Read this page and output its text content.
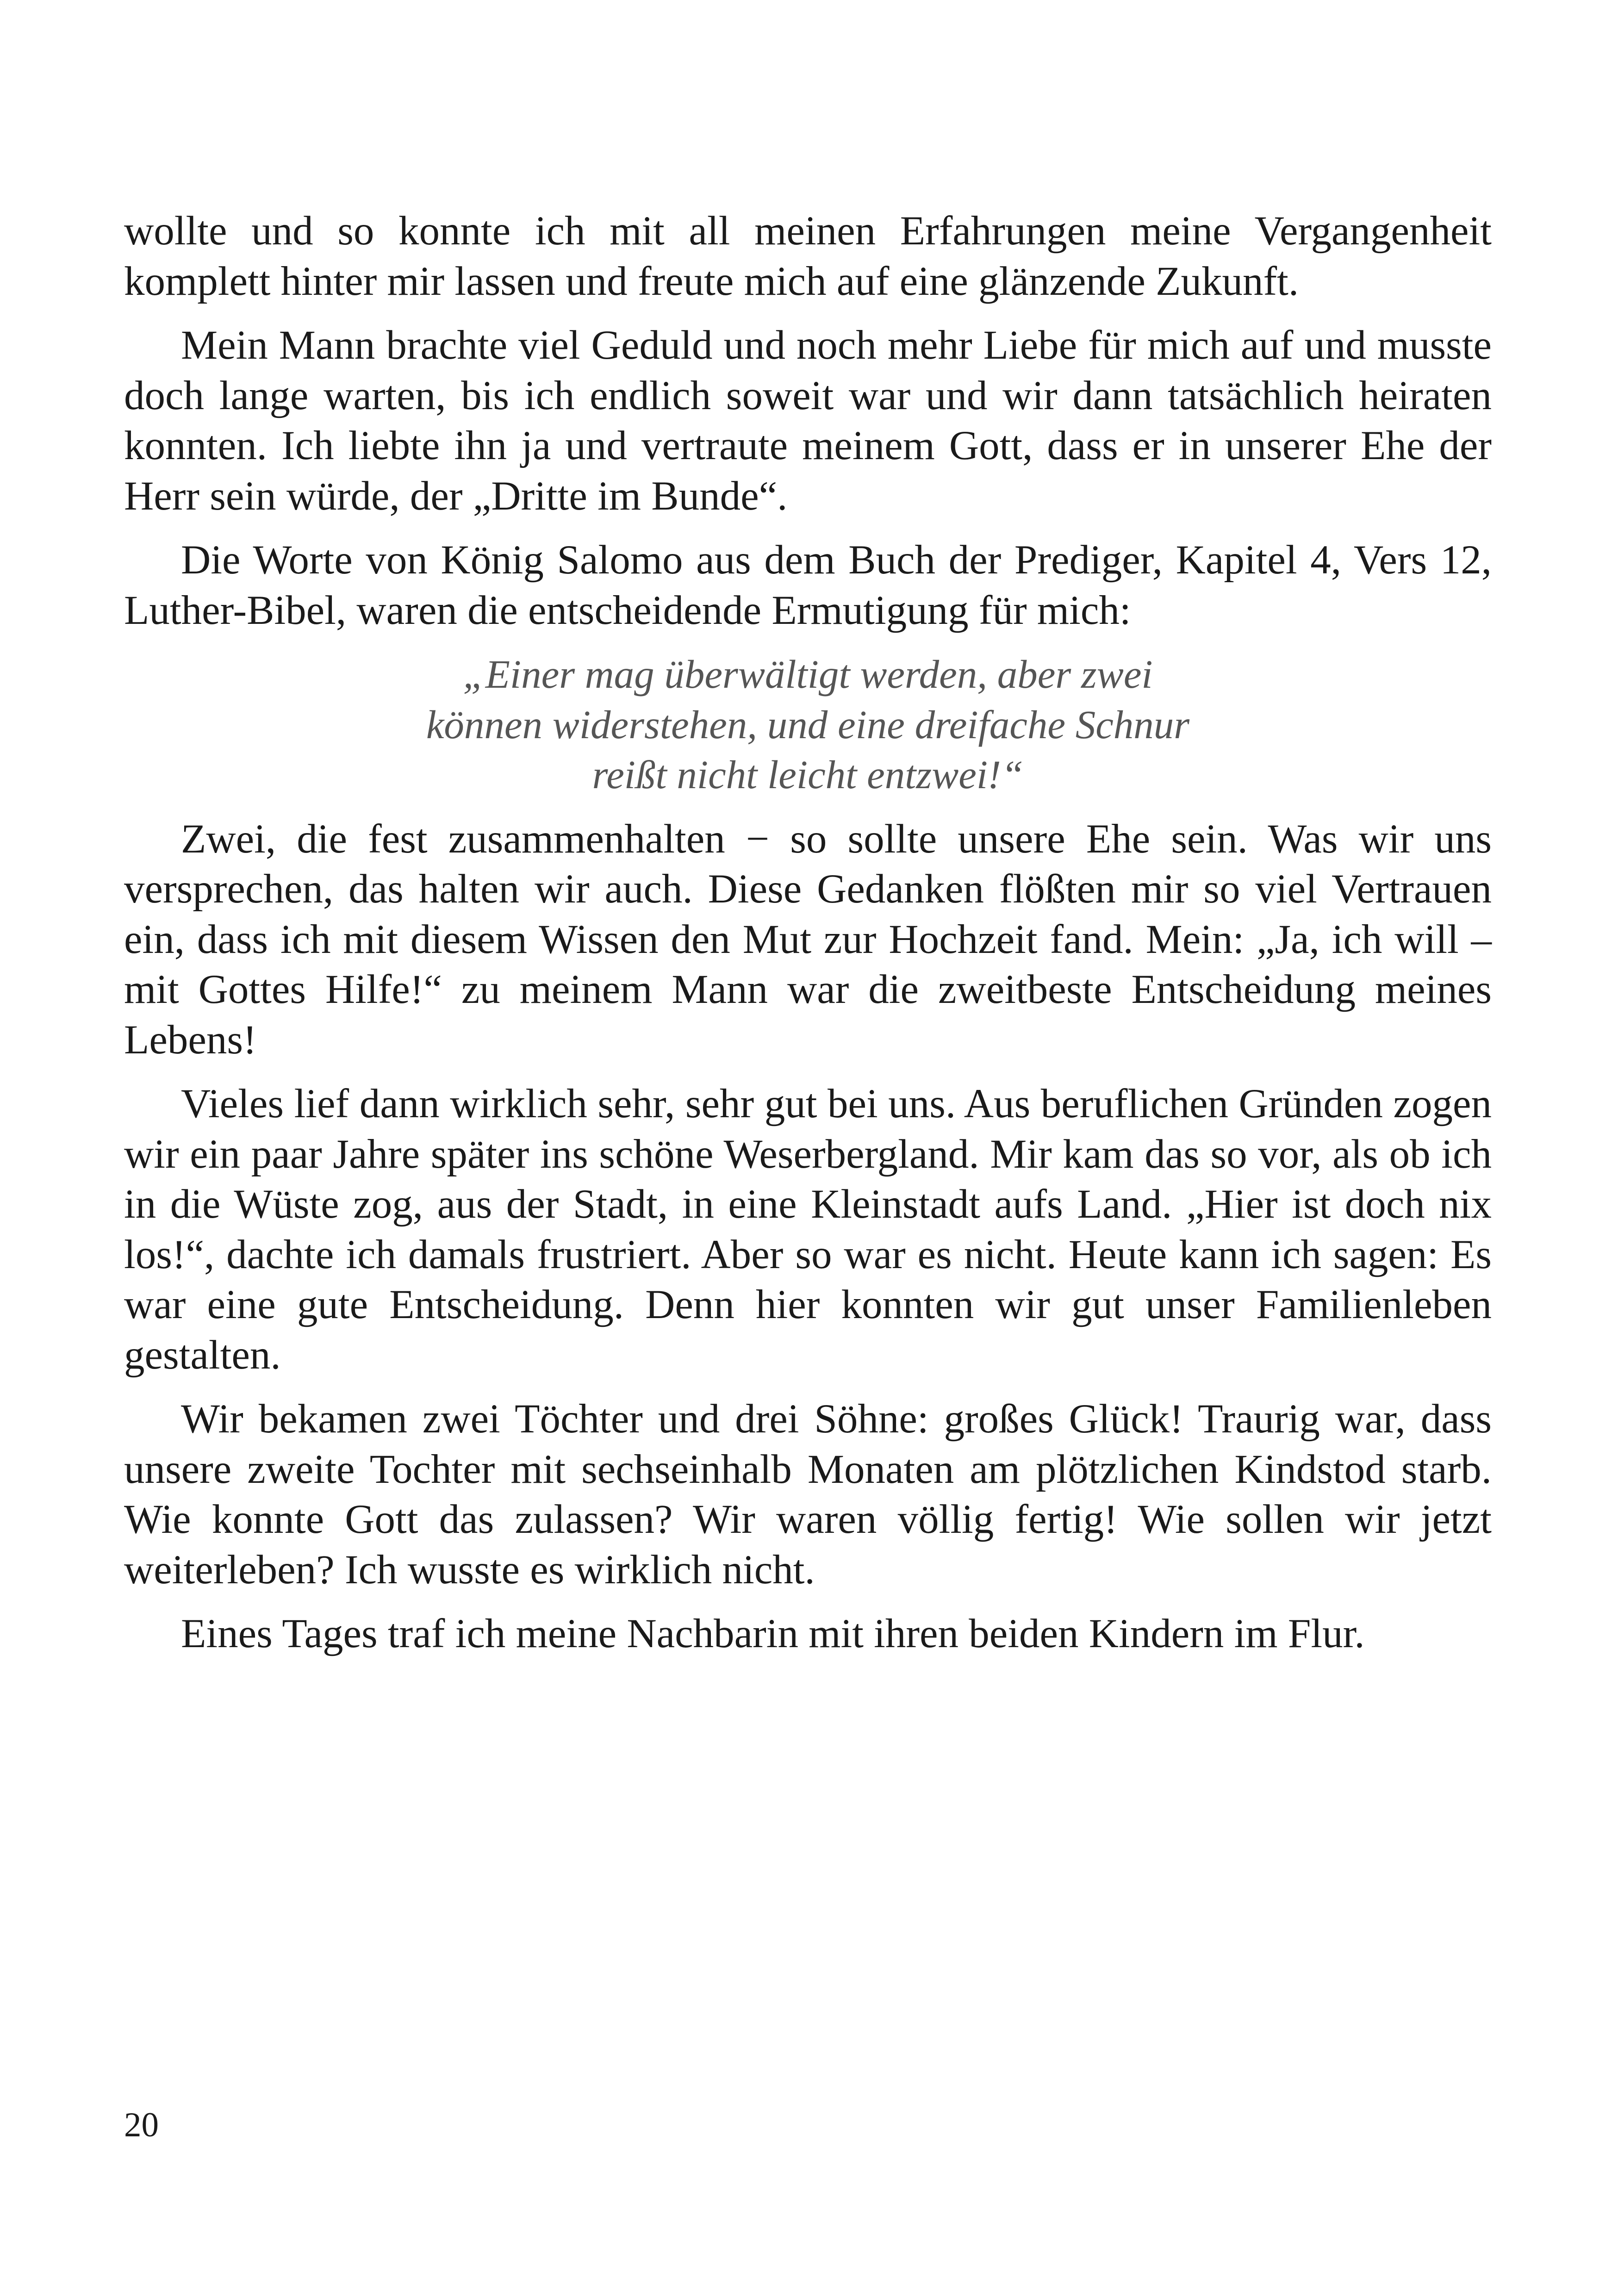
wollte und so konnte ich mit all meinen Erfahrungen meine Vergangenheit komplett hinter mir lassen und freute mich auf eine glänzende Zukunft.

Mein Mann brachte viel Geduld und noch mehr Liebe für mich auf und musste doch lange warten, bis ich endlich soweit war und wir dann tatsächlich heiraten konnten. Ich liebte ihn ja und vertraute meinem Gott, dass er in unserer Ehe der Herr sein würde, der „Dritte im Bunde“.

Die Worte von König Salomo aus dem Buch der Prediger, Kapitel 4, Vers 12, Luther-Bibel, waren die entscheidende Ermutigung für mich:

„Einer mag überwältigt werden, aber zwei
können widerstehen, und eine dreifache Schnur
reißt nicht leicht entzwei!“

Zwei, die fest zusammenhalten − so sollte unsere Ehe sein. Was wir uns versprechen, das halten wir auch. Diese Gedanken flößten mir so viel Vertrauen ein, dass ich mit diesem Wissen den Mut zur Hochzeit fand. Mein: „Ja, ich will – mit Gottes Hilfe!“ zu meinem Mann war die zweitbeste Entscheidung meines Lebens!

Vieles lief dann wirklich sehr, sehr gut bei uns. Aus beruflichen Gründen zogen wir ein paar Jahre später ins schöne Weserbergland. Mir kam das so vor, als ob ich in die Wüste zog, aus der Stadt, in eine Kleinstadt aufs Land. „Hier ist doch nix los!“, dachte ich damals frustriert. Aber so war es nicht. Heute kann ich sagen: Es war eine gute Entscheidung. Denn hier konnten wir gut unser Familienleben gestalten.

Wir bekamen zwei Töchter und drei Söhne: großes Glück! Traurig war, dass unsere zweite Tochter mit sechseinhalb Monaten am plötzlichen Kindstod starb. Wie konnte Gott das zulassen? Wir waren völlig fertig! Wie sollen wir jetzt weiterleben? Ich wusste es wirklich nicht.

Eines Tages traf ich meine Nachbarin mit ihren beiden Kindern im Flur.

20
